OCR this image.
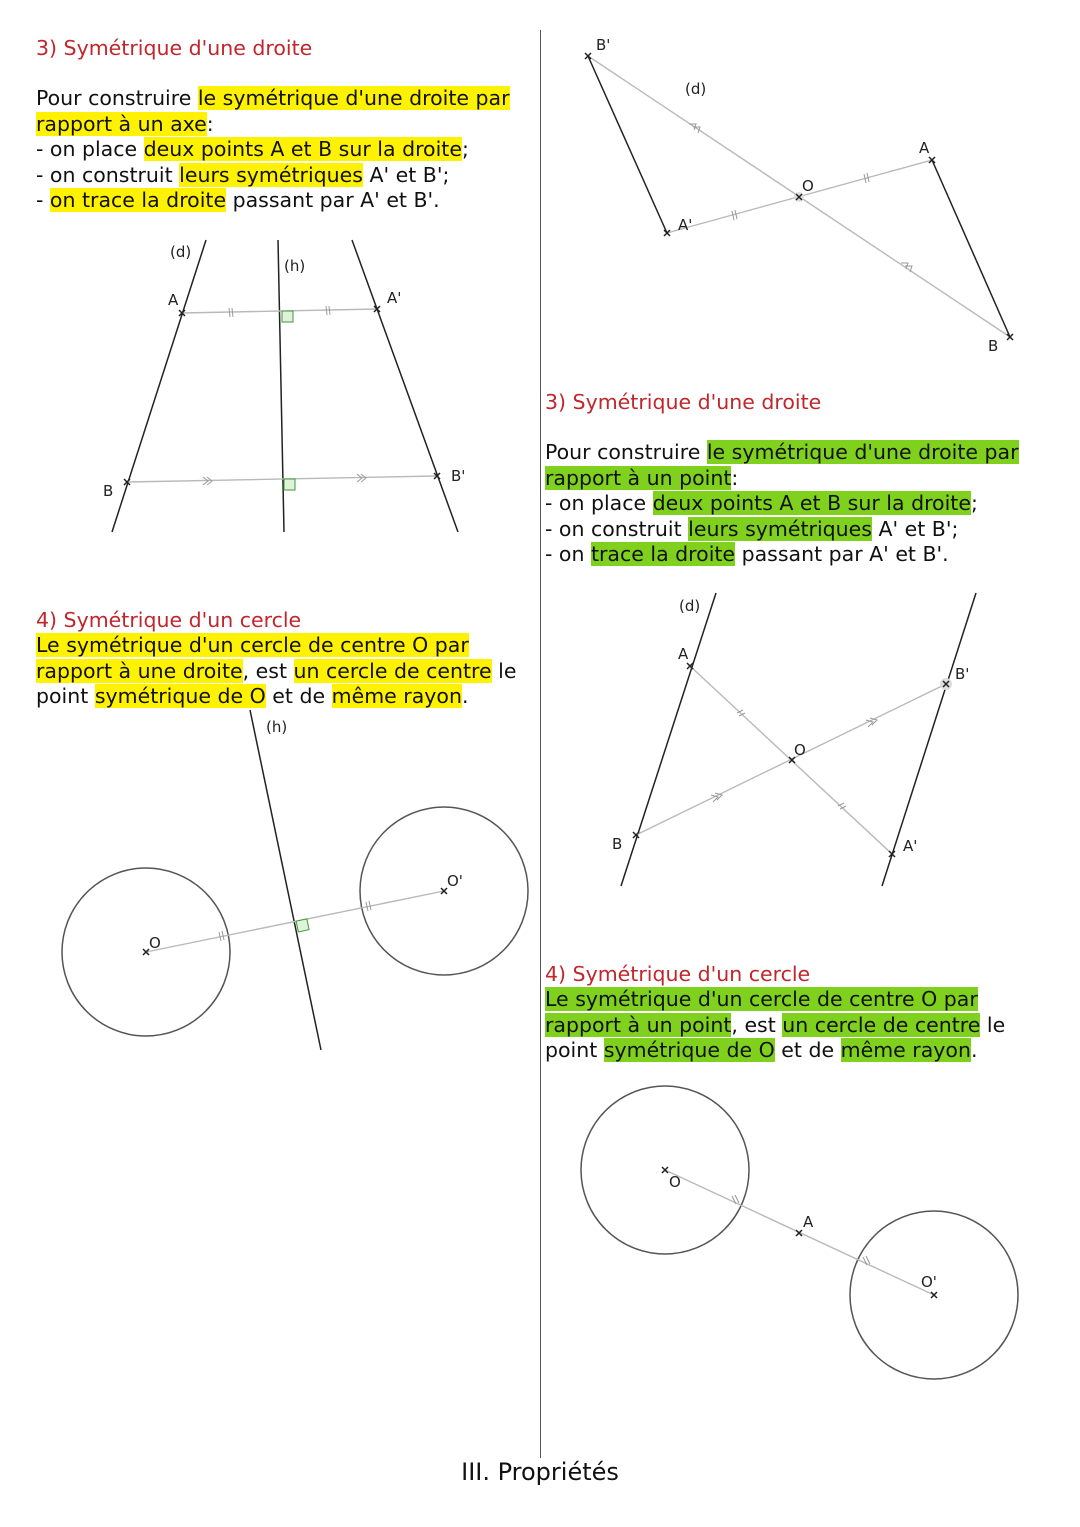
3) Symétrique d'une droite
Pour construire le symétrique d'une droite par rapport à un axe:
- on place deux points A et B sur la droite;
- on construit leurs symétriques A' et B';
- on trace la droite passant par A' et B'.
4) Symétrique d'un cercle
Le symétrique d'un cercle de centre O par rapport à une droite, est un cercle de centre le point symétrique de O et de même rayon.
3) Symétrique d'une droite
Pour construire le symétrique d'une droite par rapport à un point:
- on place deux points A et B sur la droite;
- on construit leurs symétriques A' et B';
- on trace la droite passant par A' et B'.
4) Symétrique d'un cercle
Le symétrique d'un cercle de centre O par rapport à un point, est un cercle de centre le point symétrique de O et de même rayon.
(d)
(h)
A	A'
B
B'
(h)
O
O'
B'
(d)
A
O
A'
B
(d)
A
B'
O
B	A'
O
A
O'
III. Propriétés
